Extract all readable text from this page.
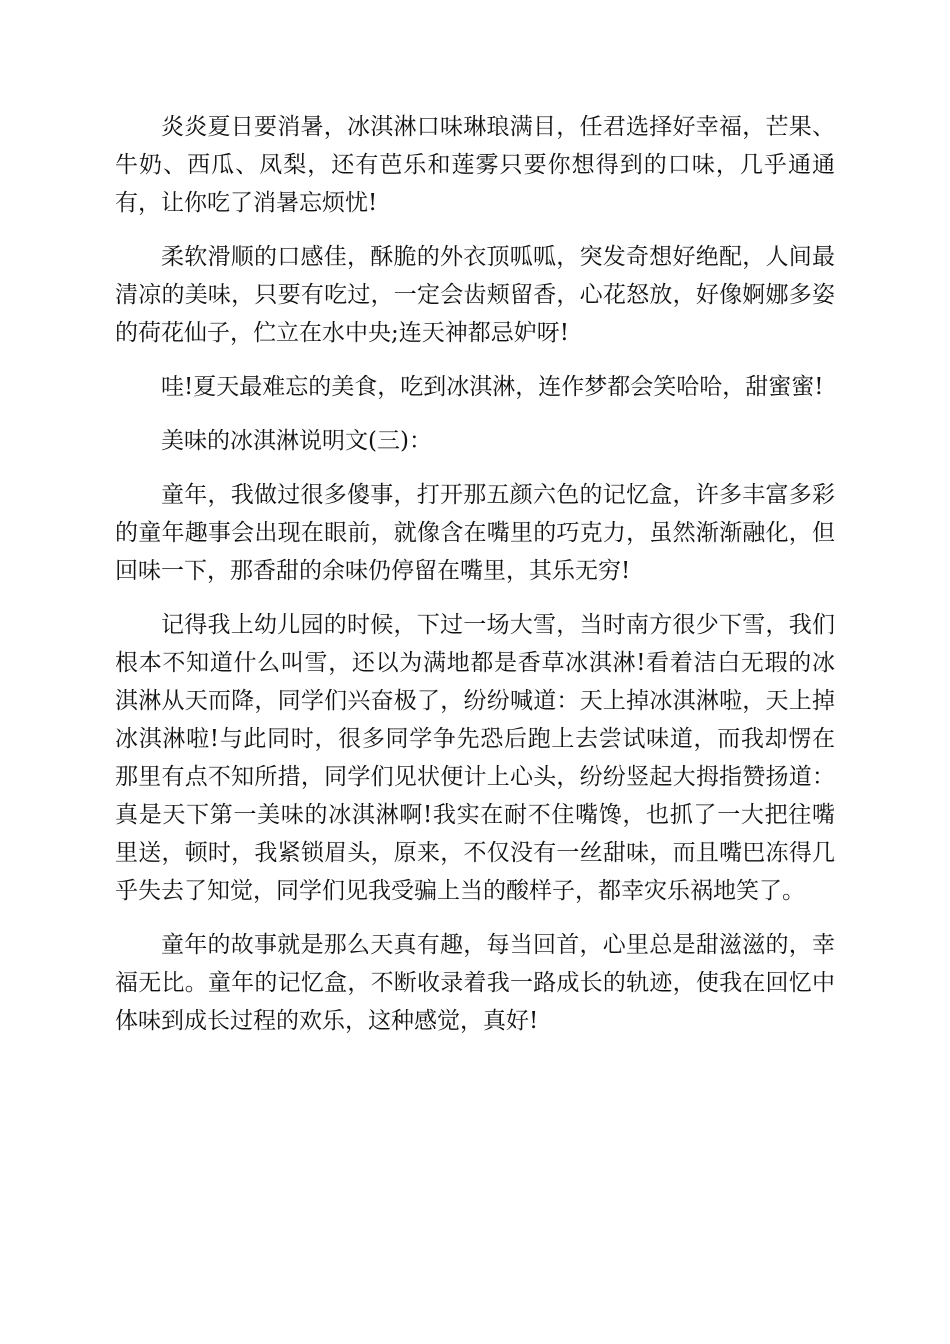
炎炎夏日要消暑，冰淇淋口味琳琅满目，任君选择好幸福，芒果、牛奶、西瓜、凤梨，还有芭乐和莲雾只要你想得到的口味，几乎通通有，让你吃了消暑忘烦忧!

柔软滑顺的口感佳，酥脆的外衣顶呱呱，突发奇想好绝配，人间最清凉的美味，只要有吃过，一定会齿颊留香，心花怒放，好像婀娜多姿的荷花仙子，伫立在水中央;连天神都忌妒呀!

哇!夏天最难忘的美食，吃到冰淇淋，连作梦都会笑哈哈，甜蜜蜜!

美味的冰淇淋说明文(三)：

童年，我做过很多傻事，打开那五颜六色的记忆盒，许多丰富多彩的童年趣事会出现在眼前，就像含在嘴里的巧克力，虽然渐渐融化，但回味一下，那香甜的余味仍停留在嘴里，其乐无穷!

记得我上幼儿园的时候，下过一场大雪，当时南方很少下雪，我们根本不知道什么叫雪，还以为满地都是香草冰淇淋!看着洁白无瑕的冰淇淋从天而降，同学们兴奋极了，纷纷喊道：天上掉冰淇淋啦，天上掉冰淇淋啦!与此同时，很多同学争先恐后跑上去尝试味道，而我却愣在那里有点不知所措，同学们见状便计上心头，纷纷竖起大拇指赞扬道：真是天下第一美味的冰淇淋啊!我实在耐不住嘴馋，也抓了一大把往嘴里送，顿时，我紧锁眉头，原来，不仅没有一丝甜味，而且嘴巴冻得几乎失去了知觉，同学们见我受骗上当的酸样子，都幸灾乐祸地笑了。

童年的故事就是那么天真有趣，每当回首，心里总是甜滋滋的，幸福无比。童年的记忆盒，不断收录着我一路成长的轨迹，使我在回忆中体味到成长过程的欢乐，这种感觉，真好!
